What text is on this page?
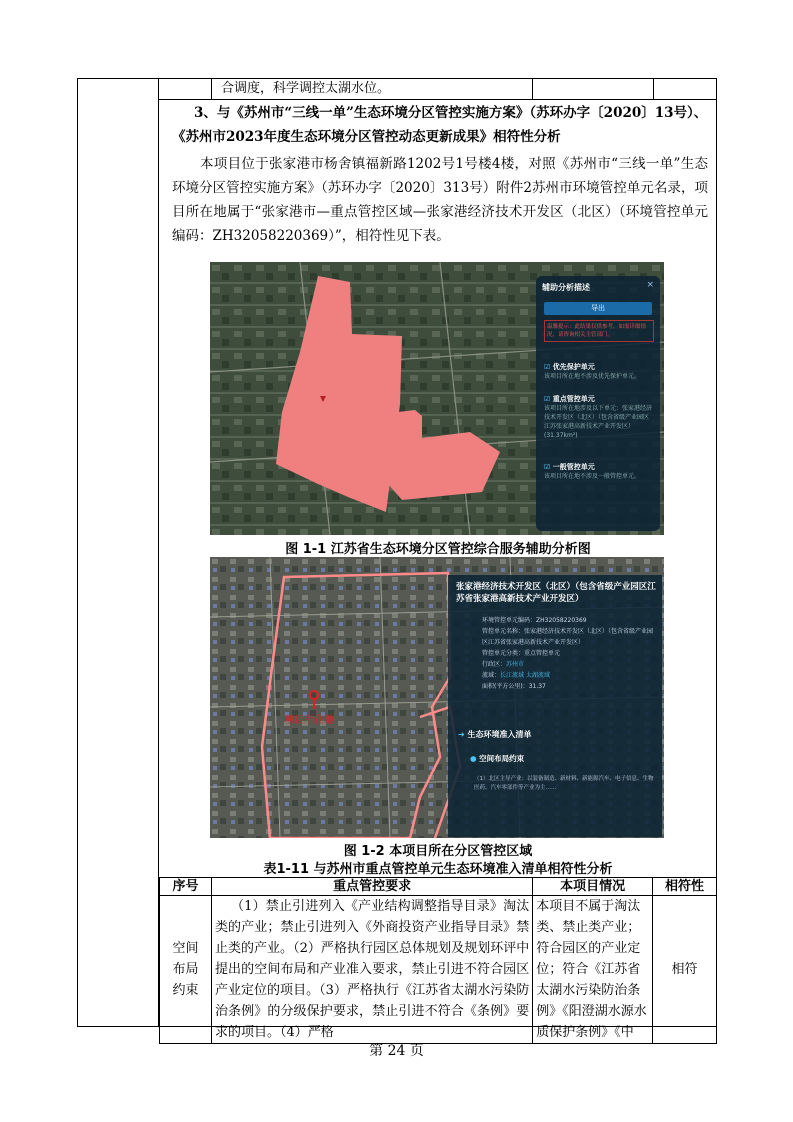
合调度，科学调控太湖水位。
3、与《苏州市“三线一单”生态环境分区管控实施方案》（苏环办字〔2020〕13号）、
《苏州市2023年度生态环境分区管控动态更新成果》相符性分析
本项目位于张家港市杨舍镇福新路1202号1号楼4楼，对照《苏州市“三线一单”生态环境分区管控实施方案》（苏环办字〔2020〕313号）附件2苏州市环境管控单元名录，项目所在地属于“张家港市—重点管控区域—张家港经济技术开发区（北区）（环境管控单元编码：ZH32058220369）”，相符性见下表。
辅助分析描述	×
导出
温馨提示：此结果仅供参考，如需详细情况，请咨询相关主管部门。
☑ 优先保护单元
该项目所在地不涉及优先保护单元。
☑ 重点管控单元
该项目所在地涉及以下单元：张家港经济技术开发区（北区）（包含省级产业园区江苏张家港高新技术产业开发区）(31.37km²)
☑ 一般管控单元
该项目所在地不涉及一般管控单元。
图 1-1 江苏省生态环境分区管控综合服务辅助分析图
项目所在地
张家港经济技术开发区（北区）（包含省级产业园区江苏省张家港高新技术产业开发区）
环境管控单元编码：ZH32058220369
管控单元名称：张家港经济技术开发区（北区）（包含省级产业园区江苏省张家港高新技术产业开发区）
管控单元分类：重点管控单元
行政区：苏州市
流域：长江流域 太湖流域
面积(平方公里)：31.37
➜ 生态环境准入清单
● 空间布局约束
（1）北区主导产业：以装备制造、新材料、新能源汽车、电子信息、生物医药、汽车零部件等产业为主……
图 1-2 本项目所在分区管控区域
表1-11 与苏州市重点管控单元生态环境准入清单相符性分析
序号	重点管控要求	本项目情况	相符性
空间布局约束	（1）禁止引进列入《产业结构调整指导目录》淘汰类的产业；禁止引进列入《外商投资产业指导目录》禁止类的产业。（2）严格执行园区总体规划及规划环评中提出的空间布局和产业准入要求，禁止引进不符合园区产业定位的项目。（3）严格执行《江苏省太湖水污染防治条例》的分级保护要求，禁止引进不符合《条例》要求的项目。（4）严格	本项目不属于淘汰类、禁止类产业；符合园区的产业定位；符合《江苏省太湖水污染防治条例》《阳澄湖水源水质保护条例》《中	相符
第 24 页
